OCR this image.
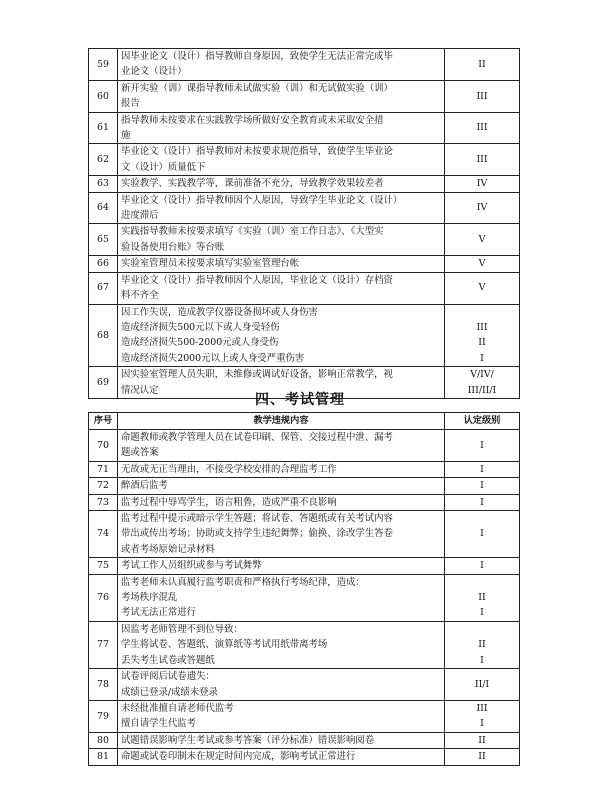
59	因毕业论文（设计）指导教师自身原因，致使学生无法正常完成毕
业论文（设计）	II

60	新开实验（训）课指导教师未试做实验（训）和无试做实验（训）
报告	III

61	指导教师未按要求在实践教学场所做好安全教育或未采取安全措
施	III

62	毕业论文（设计）指导教师对未按要求规范指导，致使学生毕业论
文（设计）质量低下	III

63	实验教学、实践教学等，课前准备不充分，导致教学效果较差者	IV

64	毕业论文（设计）指导教师因个人原因，导致学生毕业论文（设计）
进度滞后	IV

65	实践指导教师未按要求填写《实验（训）室工作日志》、《大型实
验设备使用台账》等台账	V

66	实验室管理员未按要求填写实验室管理台帐	V

67	毕业论文（设计）指导教师因个人原因，毕业论文（设计）存档资
料不齐全	V

68	因工作失误，造成教学仪器设备损坏或人身伤害
造成经济损失500元以下或人身受轻伤
造成经济损失500-2000元或人身受伤
造成经济损失2000元以上或人身受严重伤害	III
II
I

69	因实验室管理人员失职，未维修或调试好设备，影响正常教学，视
情况认定	V/IV/
III/II/I
四、考试管理
序号	教学违规内容	认定级别
70	命题教师或教学管理人员在试卷印刷、保管、交接过程中泄、漏考
题或答案	I

71	无故或无正当理由，不接受学校安排的合理监考工作	I

72	醉酒后监考	I

73	监考过程中辱骂学生，语言粗鲁，造成严重不良影响	I

74	监考过程中提示或暗示学生答题；将试卷、答题纸或有关考试内容
带出或传出考场；协助或支持学生违纪舞弊；偷换、涂改学生答卷
或者考场原始记录材料	I

75	考试工作人员组织或参与考试舞弊	I

76	监考老师未认真履行监考职责和严格执行考场纪律，造成：
考场秩序混乱
考试无法正常进行	II
I

77	因监考老师管理不到位导致：
学生将试卷、答题纸、演算纸等考试用纸带离考场
丢失考生试卷或答题纸	II
I

78	试卷评阅后试卷遗失：
成绩已登录/成绩未登录	II/I

79	未经批准擅自请老师代监考
擅自请学生代监考	III
I

80	试题错误影响学生考试或参考答案（评分标准）错误影响阅卷	II

81	命题或试卷印制未在规定时间内完成，影响考试正常进行	II
